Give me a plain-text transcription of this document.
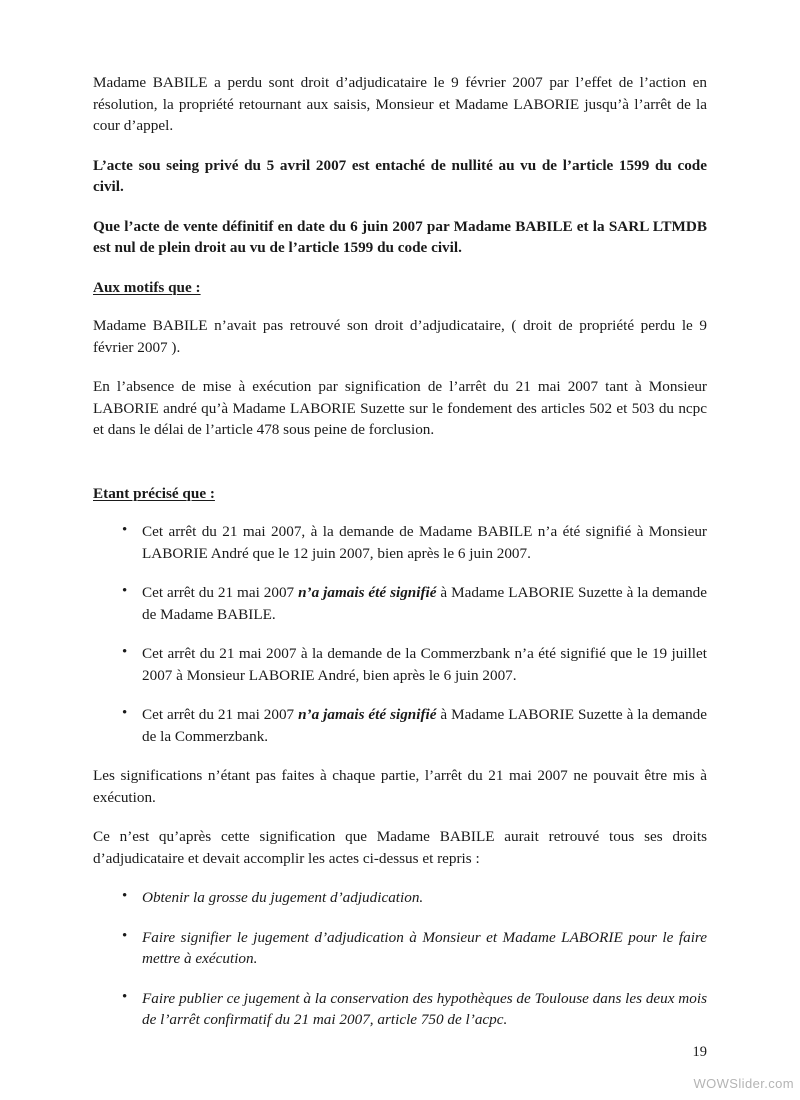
Madame BABILE a perdu sont droit d’adjudicataire le 9 février 2007 par l’effet de l’action en résolution, la propriété retournant aux saisis, Monsieur et Madame LABORIE jusqu’à l’arrêt de la cour d’appel.

L’acte sou seing privé du 5 avril 2007 est entaché de nullité au vu de l’article 1599 du code civil.

Que l’acte de vente définitif en date du 6 juin 2007 par Madame BABILE et la SARL LTMDB est nul de plein droit au vu de l’article 1599 du code civil.

Aux motifs que :

Madame BABILE n’avait pas retrouvé son droit d’adjudicataire, ( droit de propriété perdu le 9 février 2007 ).

En l’absence de mise à exécution par signification de l’arrêt du 21 mai 2007 tant à Monsieur LABORIE andré qu’à Madame LABORIE Suzette sur le fondement des articles 502 et 503 du ncpc et dans le délai de l’article 478 sous peine de forclusion.

Etant précisé que :
• Cet arrêt du 21 mai 2007, à la demande de Madame BABILE n’a été signifié à Monsieur LABORIE André que le 12 juin 2007, bien après le 6 juin 2007.
• Cet arrêt du 21 mai 2007 n’a jamais été signifié à Madame LABORIE Suzette à la demande de Madame BABILE.
• Cet arrêt du 21 mai 2007 à la demande de la Commerzbank n’a été signifié que le 19 juillet 2007 à Monsieur LABORIE André, bien après le 6 juin 2007.
• Cet arrêt du 21 mai 2007 n’a jamais été signifié à Madame LABORIE Suzette à la demande de la Commerzbank.

Les significations n’étant pas faites à chaque partie, l’arrêt du 21 mai 2007 ne pouvait être mis à exécution.

Ce n’est qu’après cette signification que Madame BABILE aurait retrouvé tous ses droits d’adjudicataire et devait accomplir les actes ci-dessus et repris :

• Obtenir la grosse du jugement d’adjudication.
• Faire signifier le jugement d’adjudication à Monsieur et Madame LABORIE pour le faire mettre à exécution.
• Faire publier ce jugement à la conservation des hypothèques de Toulouse dans les deux mois de l’arrêt confirmatif du 21 mai 2007, article 750 de l’acpc.
19
WOWSlider.com
